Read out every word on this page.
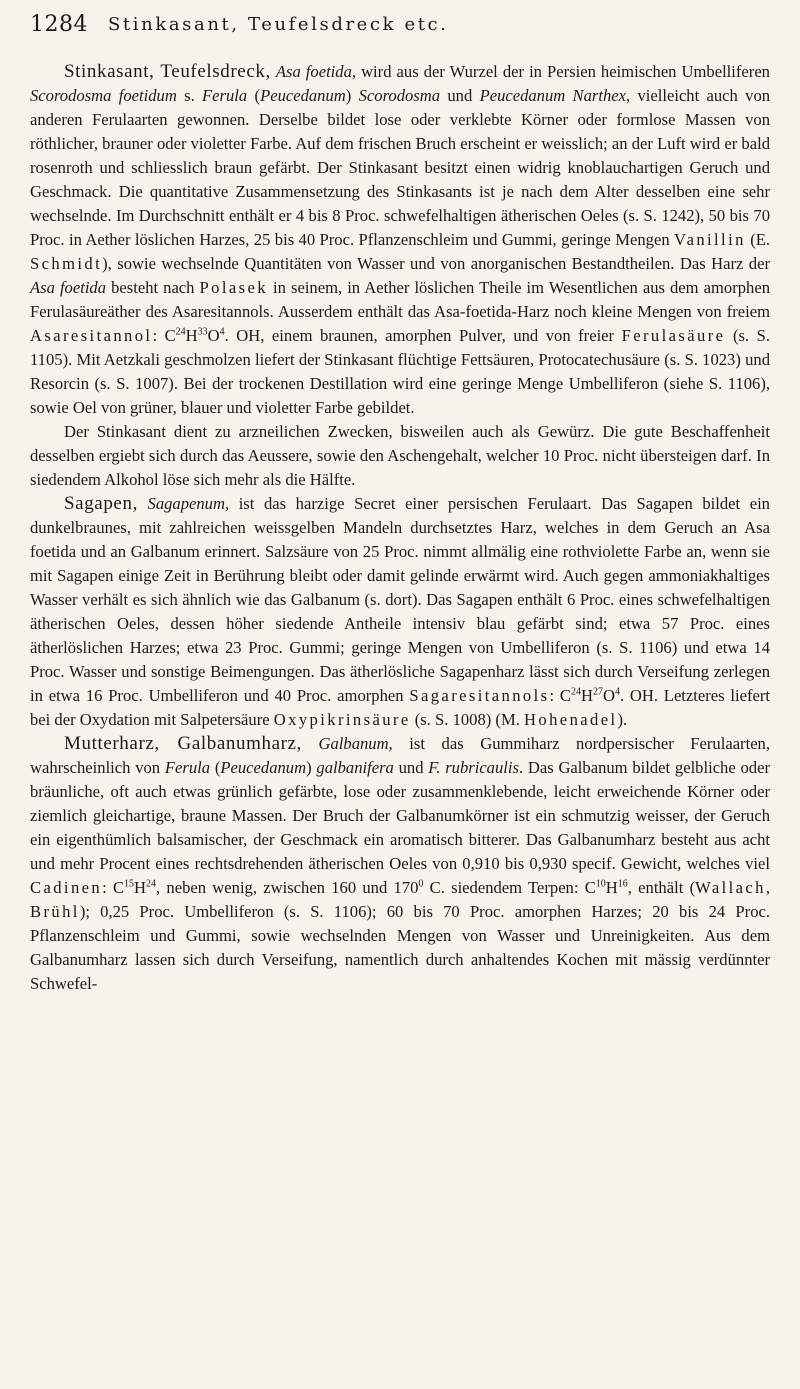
1284 Stinkasant, Teufelsdreck etc.

Stinkasant, Teufelsdreck, Asa foetida, wird aus der Wurzel der in Persien heimischen Umbelliferen Scorodosma foetidum s. Ferula (Peucedanum) Scorodosma und Peucedanum Narthex, vielleicht auch von anderen Ferulaarten gewonnen. Derselbe bildet lose oder verklebte Körner oder formlose Massen von röthlicher, brauner oder violetter Farbe. Auf dem frischen Bruch erscheint er weisslich; an der Luft wird er bald rosenroth und schliesslich braun gefärbt. Der Stinkasant besitzt einen widrig knoblauchartigen Geruch und Geschmack. Die quantitative Zusammensetzung des Stinkasants ist je nach dem Alter desselben eine sehr wechselnde. Im Durchschnitt enthält er 4 bis 8 Proc. schwefelhaltigen ätherischen Oeles (s. S. 1242), 50 bis 70 Proc. in Aether löslichen Harzes, 25 bis 40 Proc. Pflanzenschleim und Gummi, geringe Mengen Vanillin (E. Schmidt), sowie wechselnde Quantitäten von Wasser und von anorganischen Bestandtheilen. Das Harz der Asa foetida besteht nach Polasek in seinem, in Aether löslichen Theile im Wesentlichen aus dem amorphen Ferulasäureäther des Asaresitannols. Ausserdem enthält das Asa-foetida-Harz noch kleine Mengen von freiem Asaresitannol: $C^{24}H^{33}O^4$. OH, einem braunen, amorphen Pulver, und von freier Ferulasäure (s. S. 1105). Mit Aetzkali geschmolzen liefert der Stinkasant flüchtige Fettsäuren, Protocatechusäure (s. S. 1023) und Resorcin (s. S. 1007). Bei der trockenen Destillation wird eine geringe Menge Umbelliferon (siehe S. 1106), sowie Oel von grüner, blauer und violetter Farbe gebildet.

Der Stinkasant dient zu arzneilichen Zwecken, bisweilen auch als Gewürz. Die gute Beschaffenheit desselben ergiebt sich durch das Aeussere, sowie den Aschengehalt, welcher 10 Proc. nicht übersteigen darf. In siedendem Alkohol löse sich mehr als die Hälfte.

Sagapen, Sagapenum, ist das harzige Secret einer persischen Ferulaart. Das Sagapen bildet ein dunkelbraunes, mit zahlreichen weissgelben Mandeln durchsetztes Harz, welches in dem Geruch an Asa foetida und an Galbanum erinnert. Salzsäure von 25 Proc. nimmt allmälig eine rothviolette Farbe an, wenn sie mit Sagapen einige Zeit in Berührung bleibt oder damit gelinde erwärmt wird. Auch gegen ammoniakhaltiges Wasser verhält es sich ähnlich wie das Galbanum (s. dort). Das Sagapen enthält 6 Proc. eines schwefelhaltigen ätherischen Oeles, dessen höher siedende Antheile intensiv blau gefärbt sind; etwa 57 Proc. eines ätherlöslichen Harzes; etwa 23 Proc. Gummi; geringe Mengen von Umbelliferon (s. S. 1106) und etwa 14 Proc. Wasser und sonstige Beimengungen. Das ätherlösliche Sagapenharz lässt sich durch Verseifung zerlegen in etwa 16 Proc. Umbelliferon und 40 Proc. amorphen Sagaresitannols: $C^{24}H^{27}O^4$. OH. Letzteres liefert bei der Oxydation mit Salpetersäure Oxypikrinsäure (s. S. 1008) (M. Hohenadel).

Mutterharz, Galbanumharz, Galbanum, ist das Gummiharz nordpersischer Ferulaarten, wahrscheinlich von Ferula (Peucedanum) galbanifera und F. rubricaulis. Das Galbanum bildet gelbliche oder bräunliche, oft auch etwas grünlich gefärbte, lose oder zusammenklebende, leicht erweichende Körner oder ziemlich gleichartige, braune Massen. Der Bruch der Galbanumkörner ist ein schmutzig weisser, der Geruch ein eigenthümlich balsamischer, der Geschmack ein aromatisch bitterer. Das Galbanumharz besteht aus acht und mehr Procent eines rechtsdrehenden ätherischen Oeles von 0,910 bis 0,930 specif. Gewicht, welches viel Cadinen: $C^{15}H^{24}$, neben wenig, zwischen 160 und $170^0$ C. siedendem Terpen: $C^{10}H^{16}$, enthält (Wallach, Brühl); 0,25 Proc. Umbelliferon (s. S. 1106); 60 bis 70 Proc. amorphen Harzes; 20 bis 24 Proc. Pflanzenschleim und Gummi, sowie wechselnden Mengen von Wasser und Unreinigkeiten. Aus dem Galbanumharz lassen sich durch Verseifung, namentlich durch anhaltendes Kochen mit mässig verdünnter Schwefel-
